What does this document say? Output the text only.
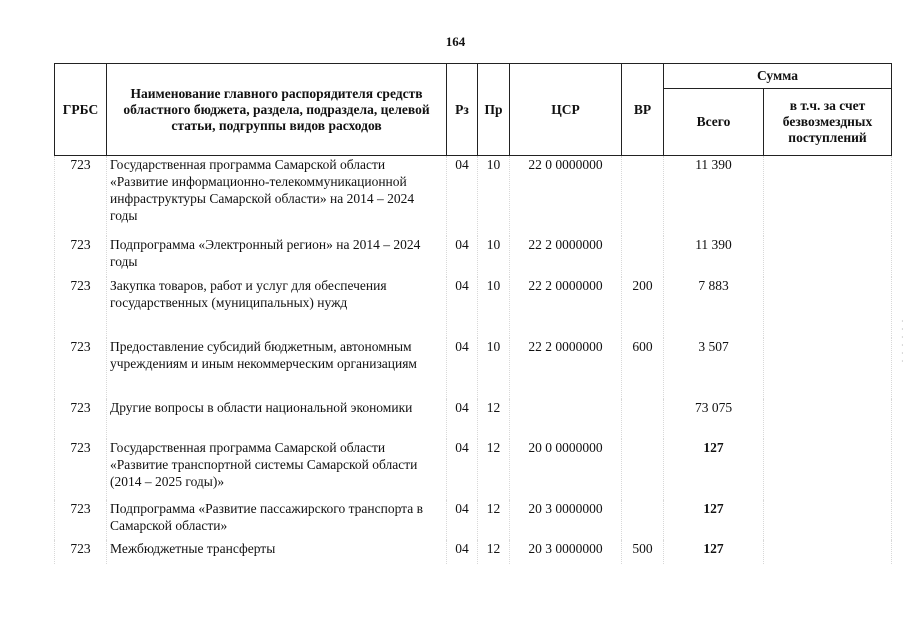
164
ГРБС	Наименование главного распорядителя средств областного бюджета, раздела, подраздела, целевой статьи, подгруппы видов расходов	Рз	Пр	ЦСР	ВР	Сумма	
						Всего	в т.ч. за счет безвозмездных поступлений
723	Государственная программа Самарской области «Развитие информационно-телекоммуникационной инфраструктуры Самарской области» на 2014 – 2024 годы	04	10	22 0 0000000		11 390	
723	Подпрограмма «Электронный регион» на 2014 – 2024 годы	04	10	22 2 0000000		11 390	
723	Закупка товаров, работ и услуг для обеспечения государственных (муниципальных) нужд	04	10	22 2 0000000	200	7 883	
723	Предоставление субсидий бюджетным, автономным учреждениям и иным некоммерческим организациям	04	10	22 2 0000000	600	3 507	
723	Другие вопросы в области национальной экономики	04	12			73 075	
723	Государственная программа Самарской области «Развитие транспортной системы Самарской области (2014 – 2025 годы)»	04	12	20 0 0000000		127	
723	Подпрограмма «Развитие пассажирского транспорта в Самарской области»	04	12	20 3 0000000		127	
723	Межбюджетные трансферты	04	12	20 3 0000000	500	127	
· ·
·
· ·
·
